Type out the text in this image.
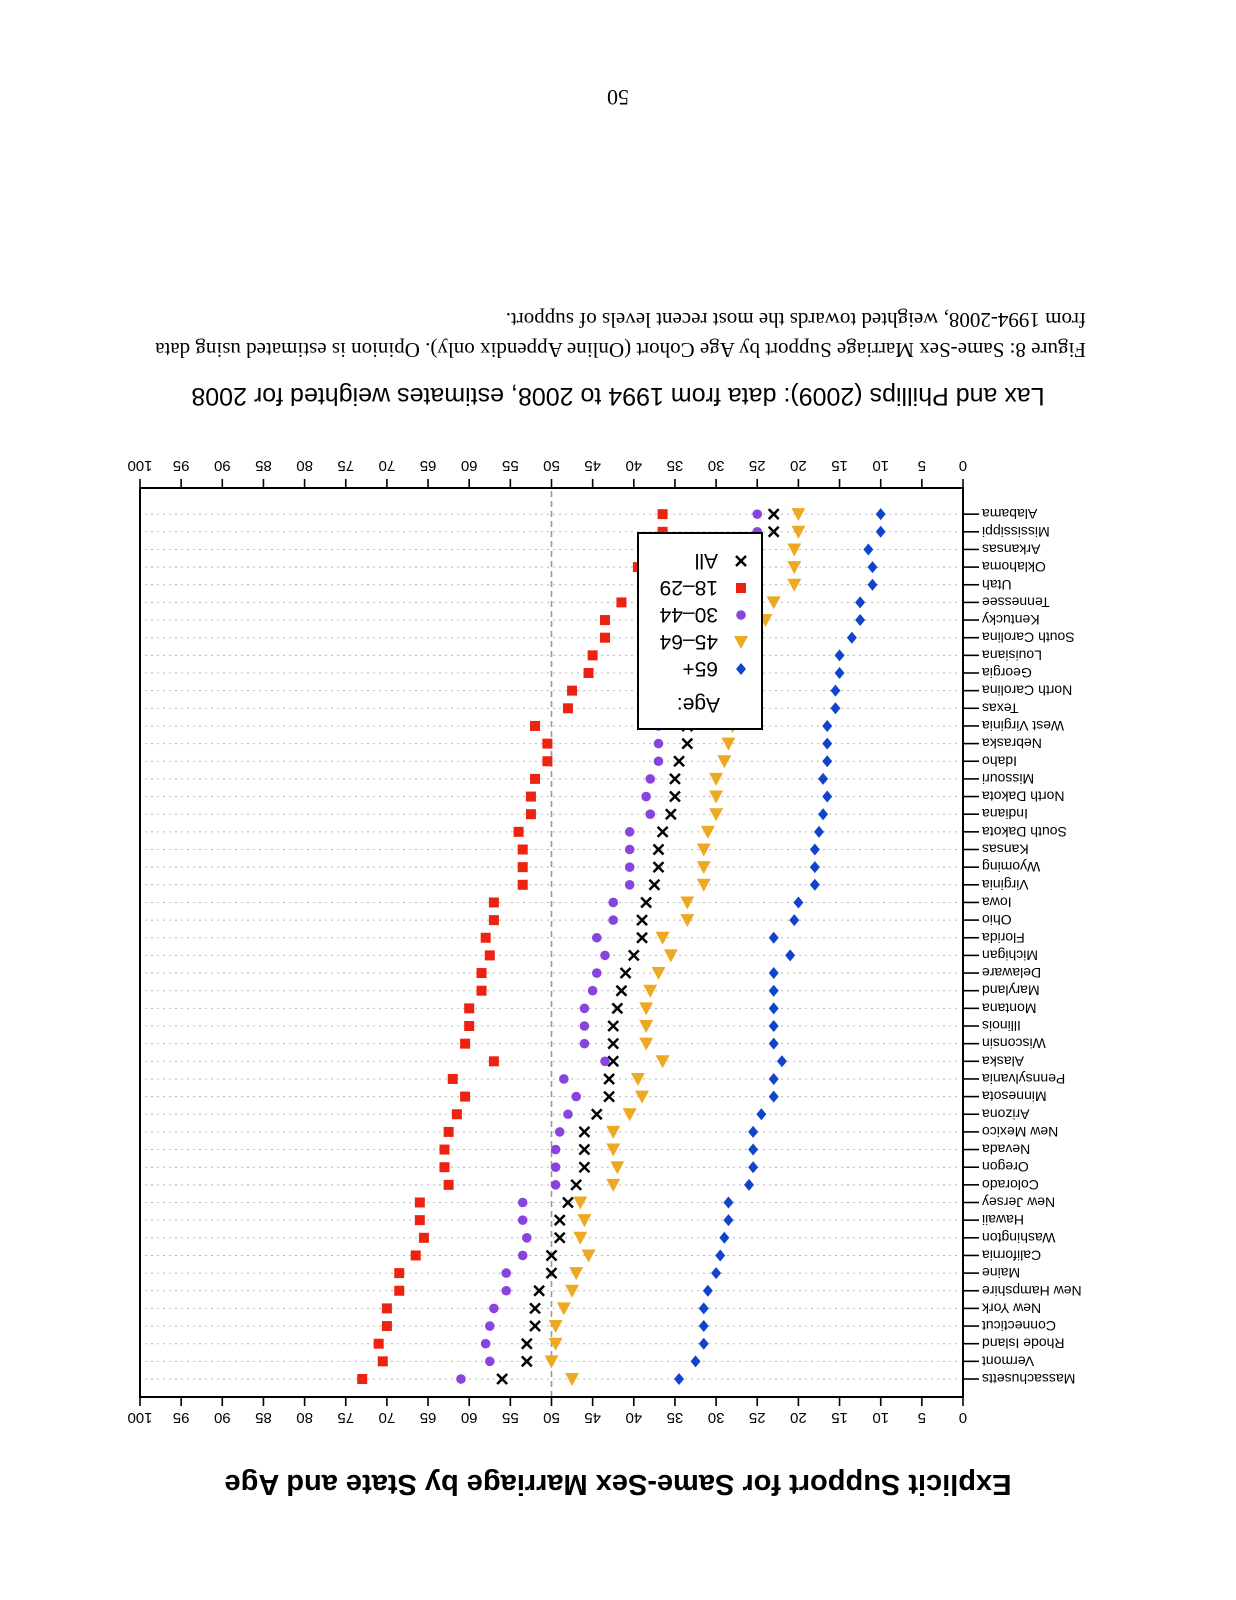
50
Figure 8: Same-Sex Marriage Support by Age Cohort (Online Appendix only). Opinion is estimated using data from 1994-2008, weighted towards the most recent levels of support.
Lax and Phillips (2009): data from 1994 to 2008, estimates weighted for 2008
Explicit Support for Same-Sex Marriage by State and Age
0
0
5
5
10
10
15
15
20
20
25
25
30
30
35
35
40
40
45
45
50
50
55
55
60
60
65
65
70
70
75
75
80
80
85
85
90
90
95
95
100
100
Massachusetts
Vermont
Rhode Island
Connecticut
New York
New Hampshire
Maine
California
Washington
Hawaii
New Jersey
Colorado
Oregon
Nevada
New Mexico
Arizona
Minnesota
Pennsylvania
Alaska
Wisconsin
Illinois
Montana
Maryland
Delaware
Michigan
Florida
Ohio
Iowa
Virginia
Wyoming
Kansas
South Dakota
Indiana
North Dakota
Missouri
Idaho
Nebraska
West Virginia
Texas
North Carolina
Georgia
Louisiana
South Carolina
Kentucky
Tennessee
Utah
Oklahoma
Arkansas
Mississippi
Alabama
Age:
65+
45–64
30–44
18–29
All
